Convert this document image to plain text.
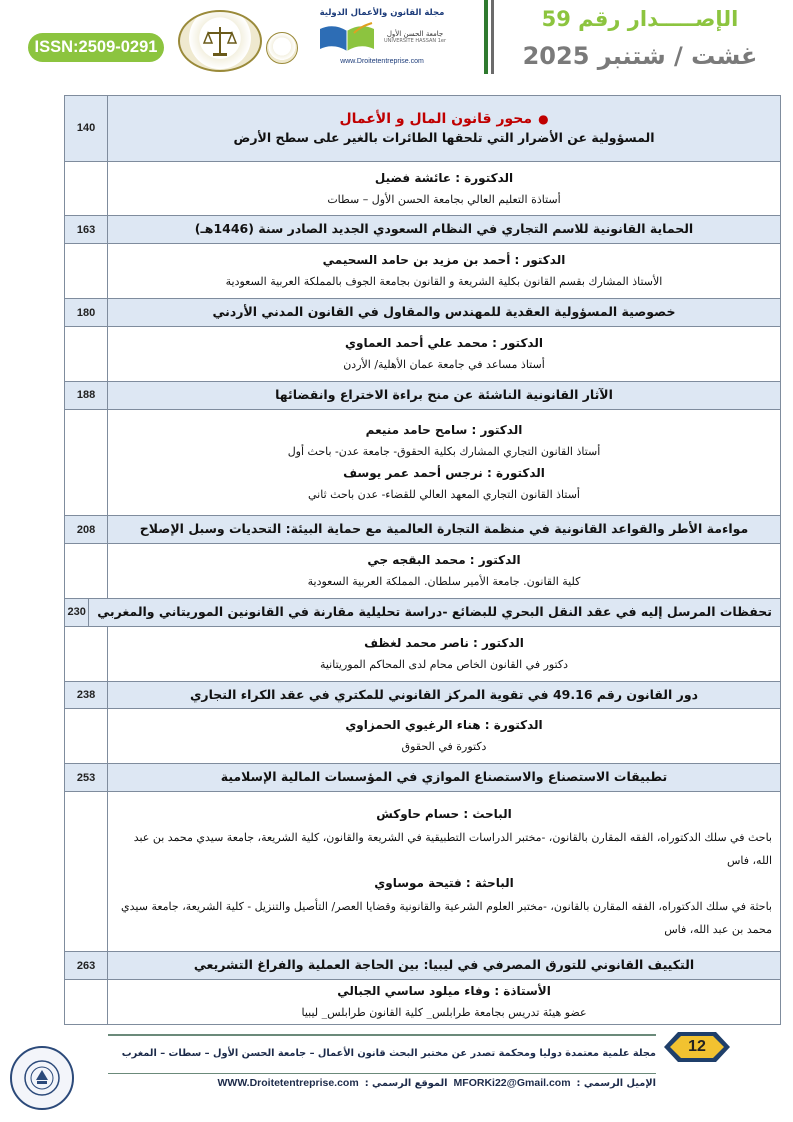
ISSN:2509-0291
مجلة القانون والأعمال الدولية
جامعة الحسن الأول
UNIVERSITE HASSAN 1er
www.Droitetentreprise.com
الإصـــــدار رقم 59
غشت / شتنبر 2025
●محور قانون المال و الأعمال
المسؤولية عن الأضرار التي تلحقها الطائرات بالغير على سطح الأرض
140
الدكتورة : عائشة فضيل
أستاذة التعليم العالي بجامعة الحسن الأول – سطات
الحماية القانونية للاسم التجاري في النظام السعودي الجديد الصادر سنة (1446هـ)
163
الدكتور : أحمد بن مزيد بن حامد السحيمي
الأستاذ المشارك بقسم القانون بكلية الشريعة و القانون بجامعة الجوف بالمملكة العربية السعودية
خصوصية المسؤولية العقدية للمهندس والمقاول في القانون المدني الأردني
180
الدكتور : محمد علي أحمد العماوي
أستاذ مساعد في جامعة عمان الأهلية/ الأردن
الآثار القانونية الناشئة عن منح براءة الاختراع وانقضائها
188
الدكتور : سامح حامد منيعم
أستاذ القانون التجاري المشارك بكلية الحقوق- جامعة عدن- باحث أول
الدكتورة : نرجس أحمد عمر يوسف
أستاذ القانون التجاري المعهد العالي للقضاء- عدن باحث ثاني
مواءمة الأطر والقواعد القانونية في منظمة التجارة العالمية مع حماية البيئة: التحديات وسبل الإصلاح
208
الدكتور : محمد البقجه جي
كلية القانون. جامعة الأمير سلطان. المملكة العربية السعودية
تحفظات المرسل إليه في عقد النقل البحري للبضائع -دراسة تحليلية مقارنة في القانونين الموريتاني والمغربي
230
الدكتور : ناصر محمد لغظف
دكتور في القانون الخاص محام لدى المحاكم الموريتانية
دور القانون رقم 49.16 في تقوية المركز القانوني للمكتري في عقد الكراء التجاري
238
الدكتورة : هناء الرغيوي الحمزاوي
دكتورة في الحقوق
تطبيقات الاستصناع والاستصناع الموازي في المؤسسات المالية الإسلامية
253
الباحث : حسام حاوكش
باحث في سلك الدكتوراه، الفقه المقارن بالقانون، -مختبر الدراسات التطبيقية في الشريعة والقانون، كلية الشريعة، جامعة سيدي محمد بن عبد الله، فاس
الباحثة : فتيحة موساوي
باحثة في سلك الدكتوراه، الفقه المقارن بالقانون، -مختبر العلوم الشرعية والقانونية وقضايا العصر/ التأصيل والتنزيل - كلية الشريعة، جامعة سيدي محمد بن عبد الله، فاس
التكييف القانوني للتورق المصرفي في ليبيا: بين الحاجة العملية والفراغ التشريعي
263
الأستاذة : وفاء ميلود ساسي الجبالي
عضو هيئة تدريس بجامعة طرابلس_ كلية القانون طرابلس_ ليبيا
12
مجلة علمية معتمدة دوليا ومحكمة تصدر عن مختبر البحث قانون الأعمال – جامعة الحسن الأول – سطات – المغرب
الإميل الرسمي :
MFORKi22@Gmail.com
الموقع الرسمي :
WWW.Droitetentreprise.com
